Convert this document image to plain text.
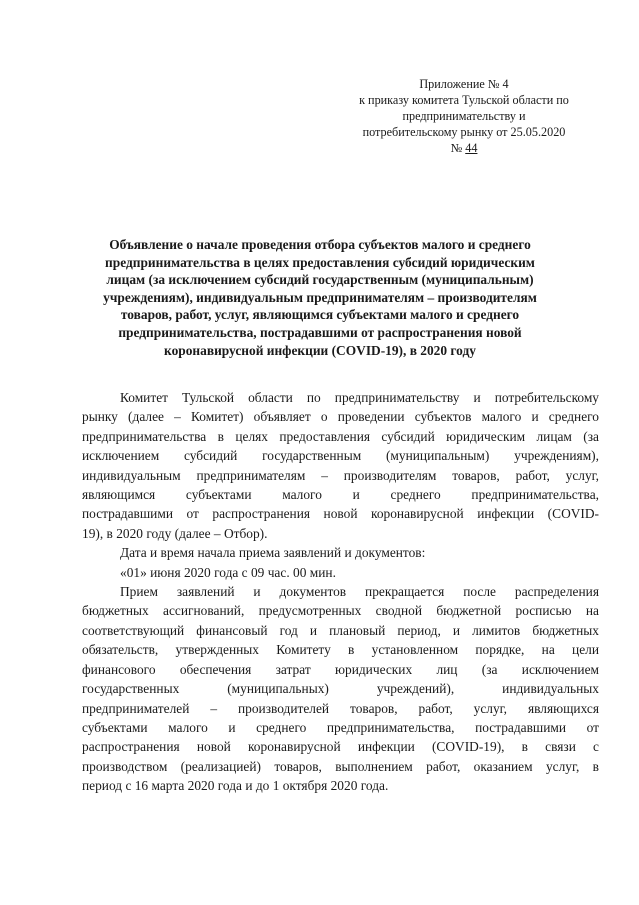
Приложение № 4
к приказу комитета Тульской области по
предпринимательству и
потребительскому рынку от 25.05.2020
№ 44
Объявление о начале проведения отбора субъектов малого и среднего
предпринимательства в целях предоставления субсидий юридическим
лицам (за исключением субсидий государственным (муниципальным)
учреждениям), индивидуальным предпринимателям – производителям
товаров, работ, услуг, являющимся субъектами малого и среднего
предпринимательства, пострадавшими от распространения новой
коронавирусной инфекции (COVID-19), в 2020 году
Комитет Тульской области по предпринимательству и потребительскому
рынку (далее – Комитет) объявляет о проведении субъектов малого и среднего
предпринимательства в целях предоставления субсидий юридическим лицам (за
исключением субсидий государственным (муниципальным) учреждениям),
индивидуальным предпринимателям – производителям товаров, работ, услуг,
являющимся субъектами малого и среднего предпринимательства,
пострадавшими от распространения новой коронавирусной инфекции (COVID-
19), в 2020 году (далее – Отбор).
Дата и время начала приема заявлений и документов:
«01» июня 2020 года с 09 час. 00 мин.
Прием заявлений и документов прекращается после распределения
бюджетных ассигнований, предусмотренных сводной бюджетной росписью на
соответствующий финансовый год и плановый период, и лимитов бюджетных
обязательств, утвержденных Комитету в установленном порядке, на цели
финансового обеспечения затрат юридических лиц (за исключением
государственных (муниципальных) учреждений), индивидуальных
предпринимателей – производителей товаров, работ, услуг, являющихся
субъектами малого и среднего предпринимательства, пострадавшими от
распространения новой коронавирусной инфекции (COVID-19), в связи с
производством (реализацией) товаров, выполнением работ, оказанием услуг, в
период с 16 марта 2020 года и до 1 октября 2020 года.
